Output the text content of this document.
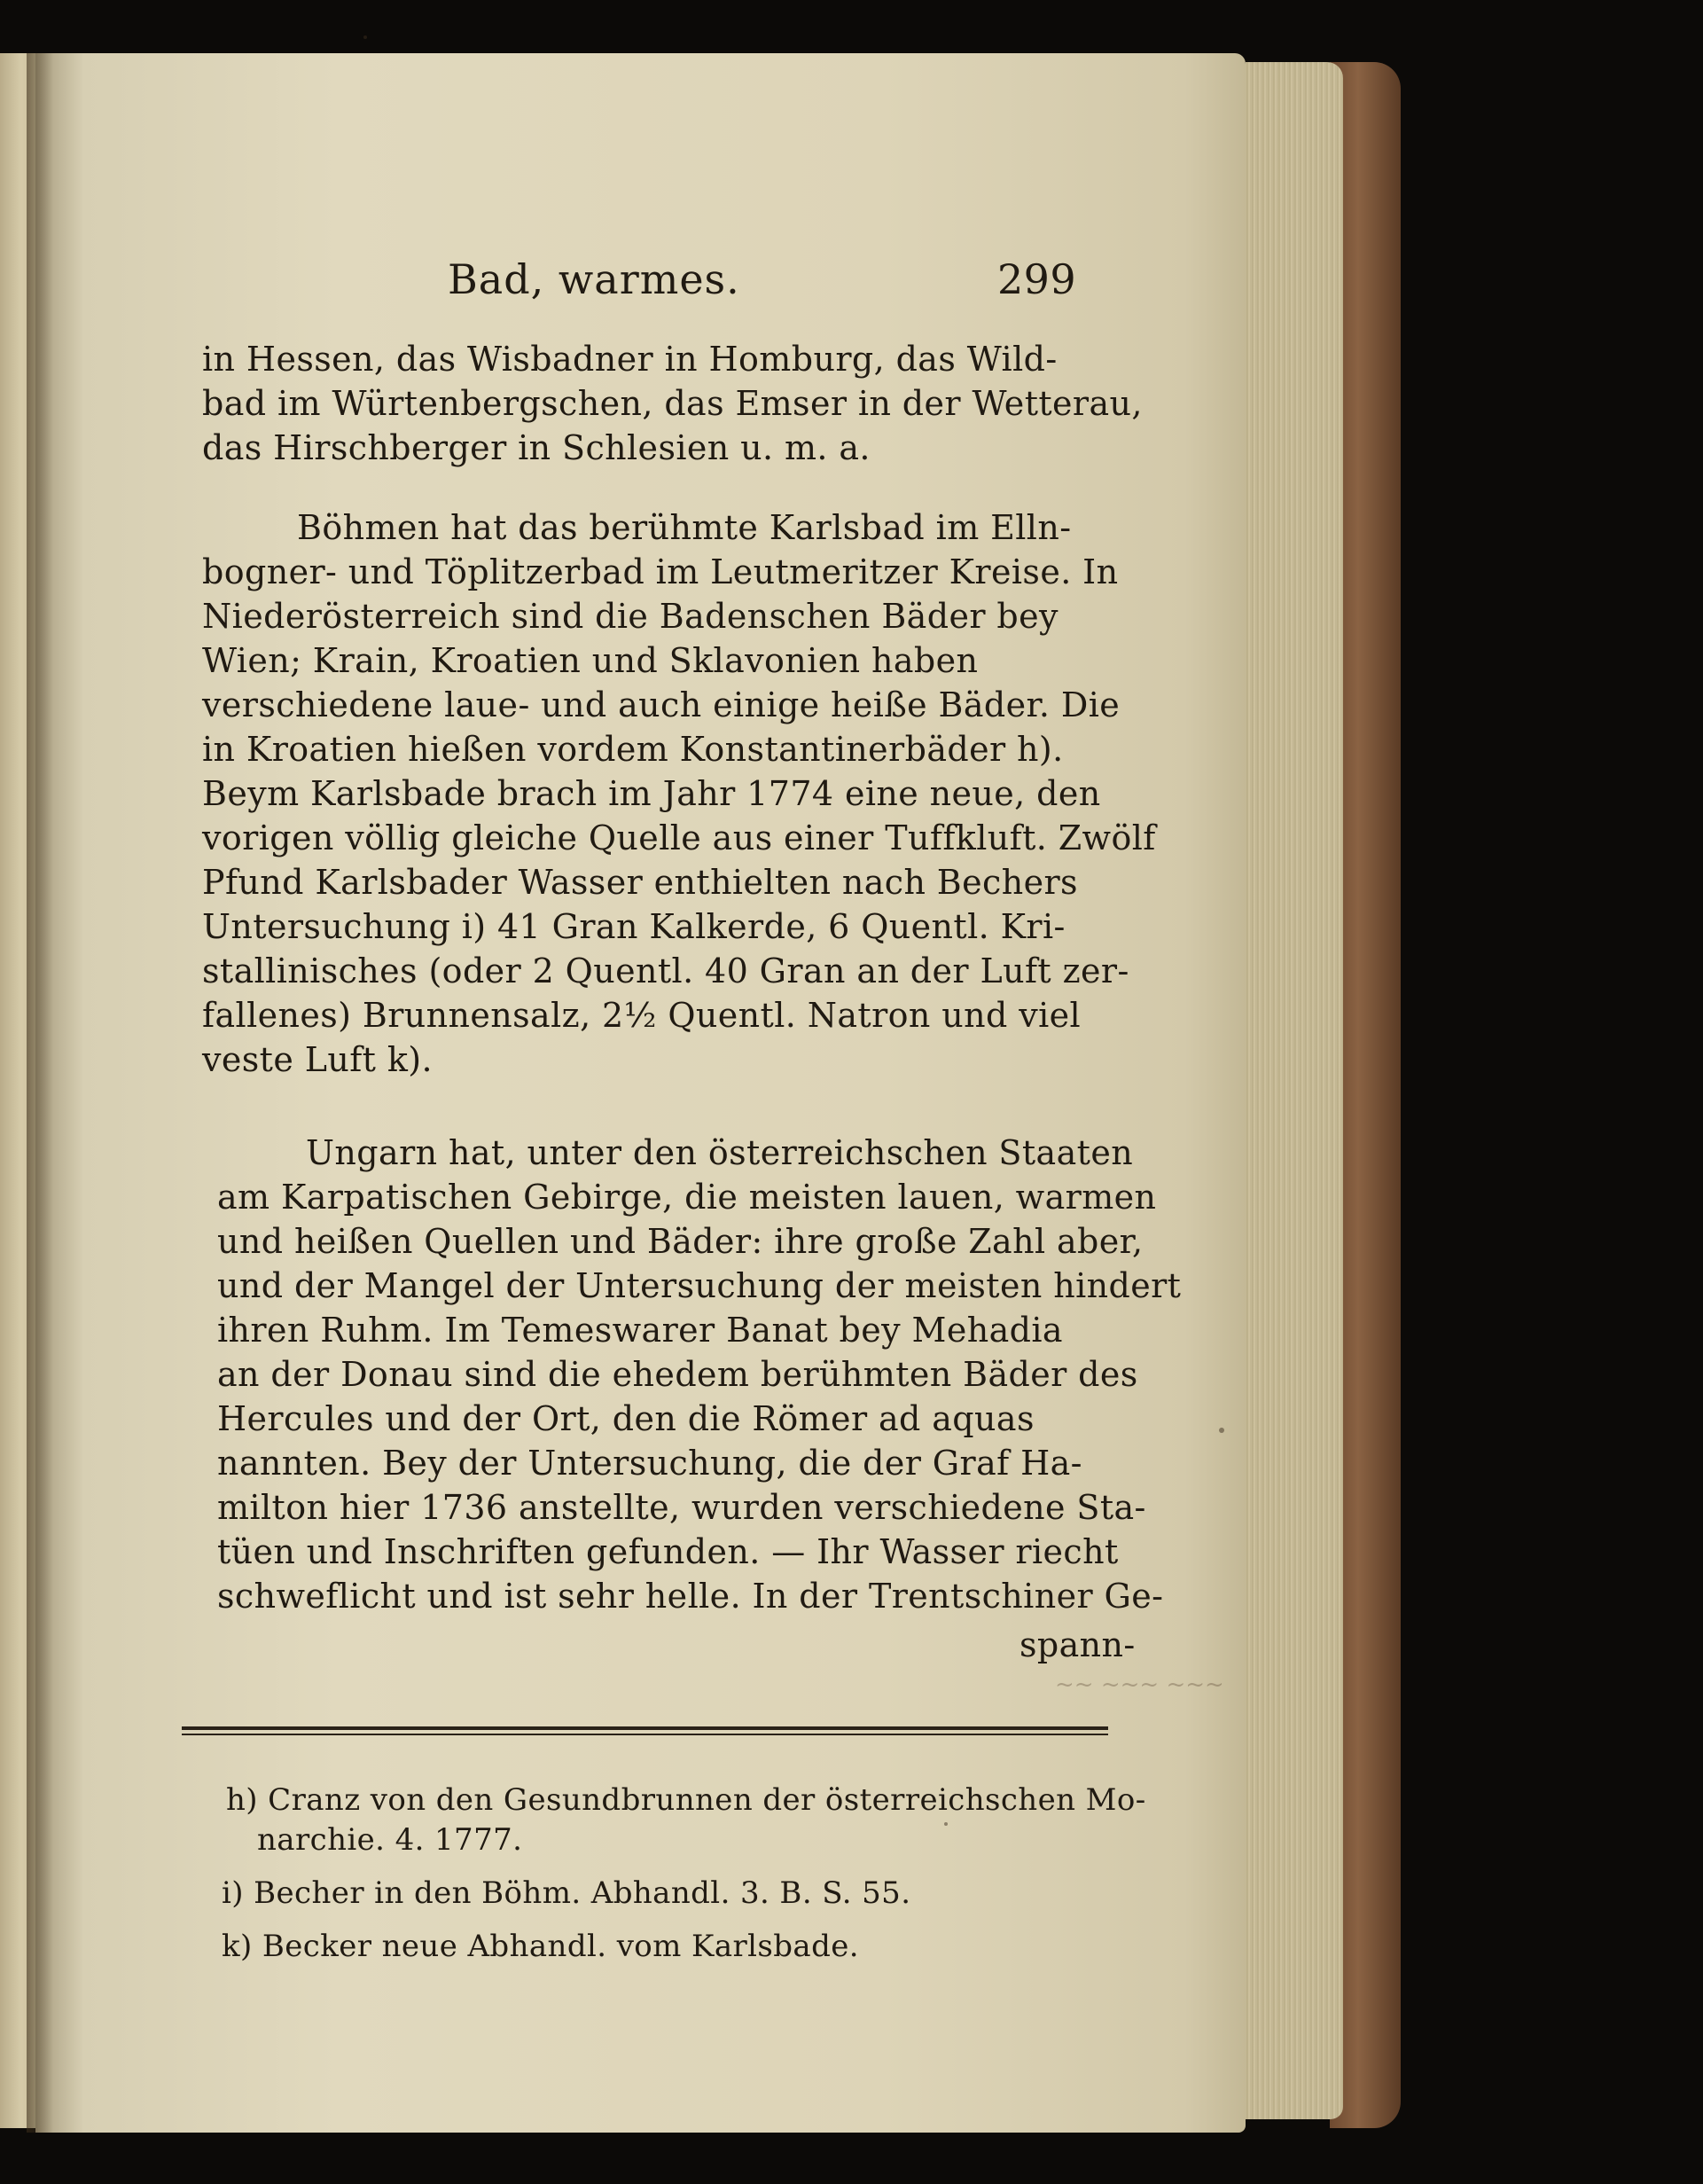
Bad, warmes.	299
in Hessen, das Wisbadner in Homburg, das Wild-
bad im Würtenbergschen, das Emser in der Wetterau,
das Hirschberger in Schlesien u. m. a.
Böhmen hat das berühmte Karlsbad im Elln-
bogner- und Töplitzerbad im Leutmeritzer Kreise. In
Niederösterreich sind die Badenschen Bäder bey
Wien; Krain, Kroatien und Sklavonien haben
verschiedene laue- und auch einige heiße Bäder. Die
in Kroatien hießen vordem Konstantinerbäder h).
Beym Karlsbade brach im Jahr 1774 eine neue, den
vorigen völlig gleiche Quelle aus einer Tuffkluft. Zwölf
Pfund Karlsbader Wasser enthielten nach Bechers
Untersuchung i) 41 Gran Kalkerde, 6 Quentl. Kri-
stallinisches (oder 2 Quentl. 40 Gran an der Luft zer-
fallenes) Brunnensalz, 2½ Quentl. Natron und viel
veste Luft k).
Ungarn hat, unter den österreichschen Staaten
am Karpatischen Gebirge, die meisten lauen, warmen
und heißen Quellen und Bäder: ihre große Zahl aber,
und der Mangel der Untersuchung der meisten hindert
ihren Ruhm. Im Temeswarer Banat bey Mehadia
an der Donau sind die ehedem berühmten Bäder des
Hercules und der Ort, den die Römer ad aquas
nannten. Bey der Untersuchung, die der Graf Ha-
milton hier 1736 anstellte, wurden verschiedene Sta-
tüen und Inschriften gefunden. — Ihr Wasser riecht
schweflicht und ist sehr helle. In der Trentschiner Ge-
spann-
~~ ~~~ ~~~
h) Cranz von den Gesundbrunnen der österreichschen Mo-
narchie. 4. 1777.
i) Becher in den Böhm. Abhandl. 3. B. S. 55.
k) Becker neue Abhandl. vom Karlsbade.
